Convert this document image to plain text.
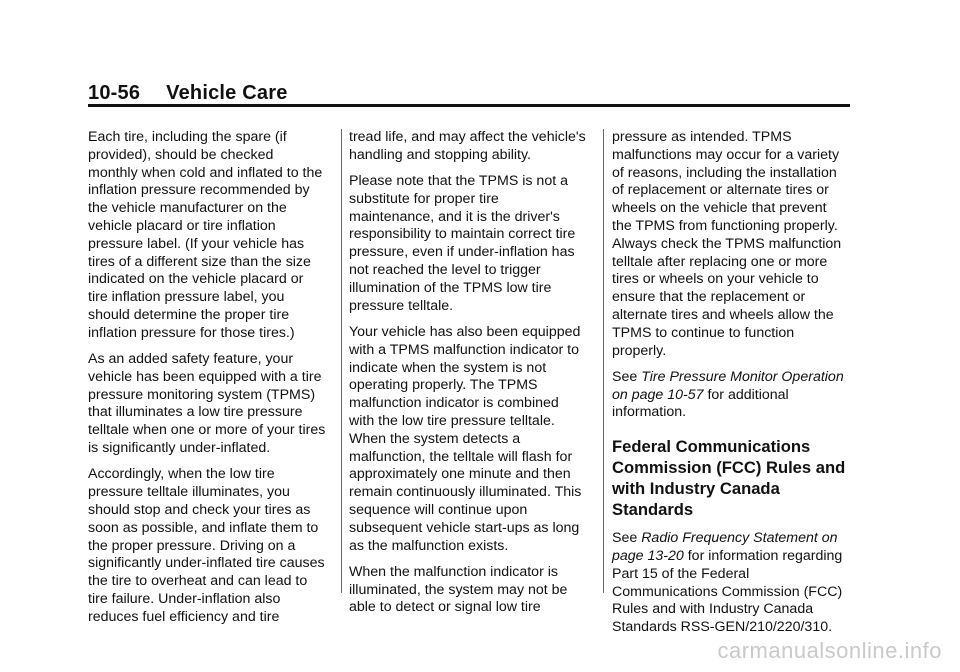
10-56 Vehicle Care

Each tire, including the spare (if provided), should be checked monthly when cold and inflated to the inflation pressure recommended by the vehicle manufacturer on the vehicle placard or tire inflation pressure label. (If your vehicle has tires of a different size than the size indicated on the vehicle placard or tire inflation pressure label, you should determine the proper tire inflation pressure for those tires.)

As an added safety feature, your vehicle has been equipped with a tire pressure monitoring system (TPMS) that illuminates a low tire pressure telltale when one or more of your tires is significantly under-inflated.

Accordingly, when the low tire pressure telltale illuminates, you should stop and check your tires as soon as possible, and inflate them to the proper pressure. Driving on a significantly under-inflated tire causes the tire to overheat and can lead to tire failure. Under-inflation also reduces fuel efficiency and tire

tread life, and may affect the vehicle's handling and stopping ability.

Please note that the TPMS is not a substitute for proper tire maintenance, and it is the driver's responsibility to maintain correct tire pressure, even if under-inflation has not reached the level to trigger illumination of the TPMS low tire pressure telltale.

Your vehicle has also been equipped with a TPMS malfunction indicator to indicate when the system is not operating properly. The TPMS malfunction indicator is combined with the low tire pressure telltale. When the system detects a malfunction, the telltale will flash for approximately one minute and then remain continuously illuminated. This sequence will continue upon subsequent vehicle start-ups as long as the malfunction exists.

When the malfunction indicator is illuminated, the system may not be able to detect or signal low tire

pressure as intended. TPMS malfunctions may occur for a variety of reasons, including the installation of replacement or alternate tires or wheels on the vehicle that prevent the TPMS from functioning properly. Always check the TPMS malfunction telltale after replacing one or more tires or wheels on your vehicle to ensure that the replacement or alternate tires and wheels allow the TPMS to continue to function properly.

See Tire Pressure Monitor Operation on page 10-57 for additional information.

Federal Communications Commission (FCC) Rules and with Industry Canada Standards

See Radio Frequency Statement on page 13-20 for information regarding Part 15 of the Federal Communications Commission (FCC) Rules and with Industry Canada Standards RSS-GEN/210/220/310.

carmanualsonline.info
